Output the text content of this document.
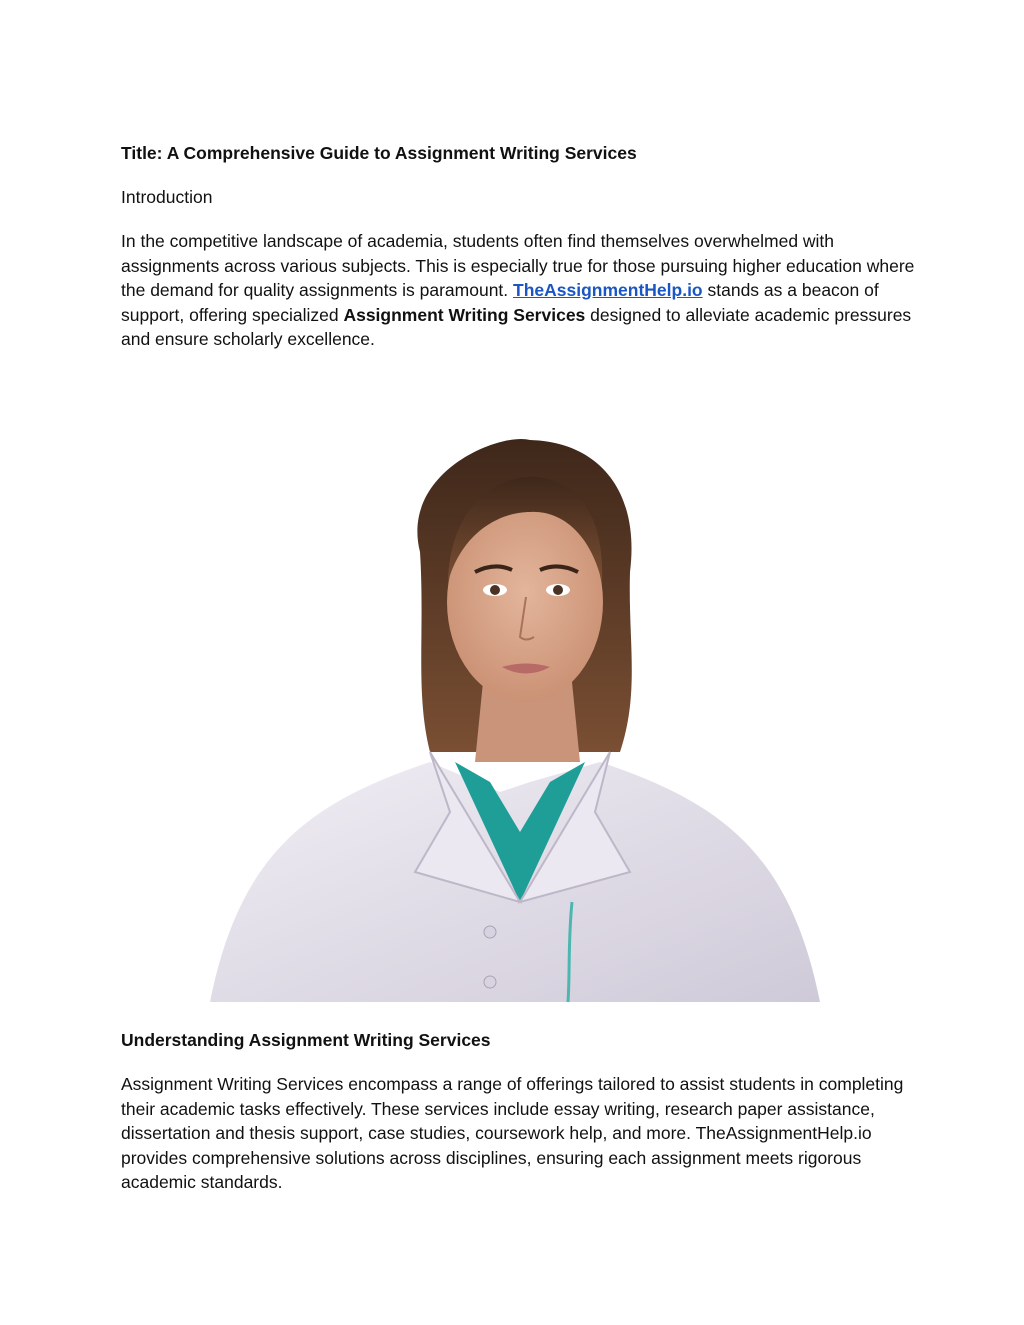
Title: A Comprehensive Guide to Assignment Writing Services

Introduction

In the competitive landscape of academia, students often find themselves overwhelmed with assignments across various subjects. This is especially true for those pursuing higher education where the demand for quality assignments is paramount. TheAssignmentHelp.io stands as a beacon of support, offering specialized Assignment Writing Services designed to alleviate academic pressures and ensure scholarly excellence.

Understanding Assignment Writing Services

Assignment Writing Services encompass a range of offerings tailored to assist students in completing their academic tasks effectively. These services include essay writing, research paper assistance, dissertation and thesis support, case studies, coursework help, and more. TheAssignmentHelp.io provides comprehensive solutions across disciplines, ensuring each assignment meets rigorous academic standards.
